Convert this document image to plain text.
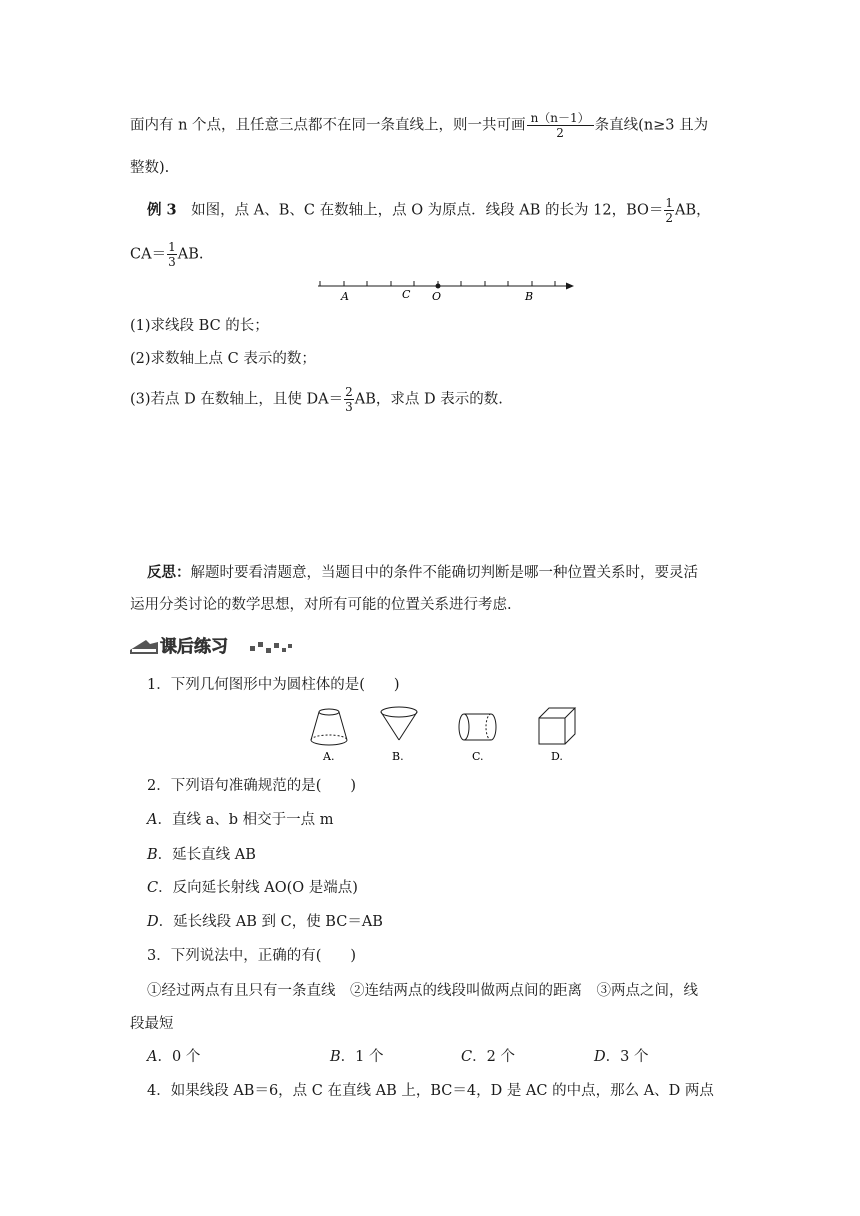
面内有 n 个点，且任意三点都不在同一条直线上，则一共可画 $\frac{n(n-1)}{2}$ 条直线(n≥3 且为
整数).
例 3　 如图，点 A、B、C 在数轴上，点 O 为原点．线段 AB 的长为 12，$BO= \frac{1}{2}$ AB，
$CA= \frac{1}{3}$ AB.
A	C O	B
(1)求线段 BC 的长；
(2)求数轴上点 C 表示的数；
(3)若点 D 在数轴上，且使 $DA= \frac{2}{3}$ AB，求点 D 表示的数.
反思：解题时要看清题意，当题目中的条件不能确切判断是哪一种位置关系时，要灵活
运用分类讨论的数学思想，对所有可能的位置关系进行考虑.
课后练习
1．下列几何图形中为圆柱体的是(　　)
A.	B.	C.	D.
2．下列语句准确规范的是(　　)
A．直线 a、b 相交于一点 m
B．延长直线 AB
C．反向延长射线 AO(O 是端点)
D．延长线段 AB 到 C，使 BC＝AB
3．下列说法中，正确的有(　　)
①经过两点有且只有一条直线　②连结两点的线段叫做两点间的距离　③两点之间，线
段最短
A．0 个	B．1 个	C．2 个	D．3 个
4．如果线段 AB＝6，点 C 在直线 AB 上，BC＝4，D 是 AC 的中点，那么 A、D 两点
